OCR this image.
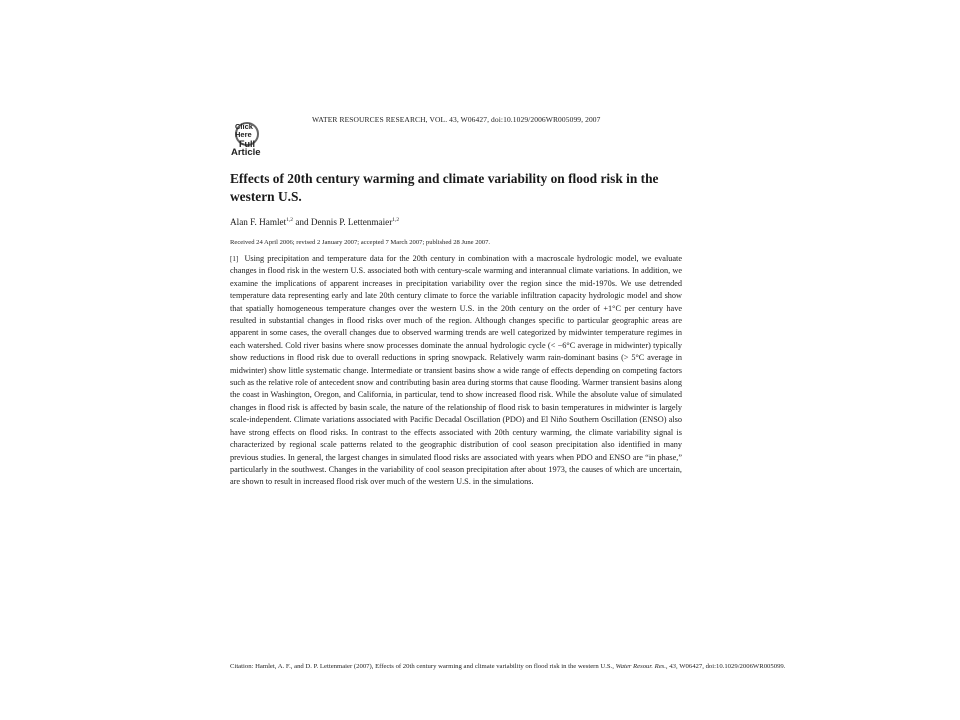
Click
Here
Full
Article
WATER RESOURCES RESEARCH, VOL. 43, W06427, doi:10.1029/2006WR005099, 2007
Effects of 20th century warming and climate variability on flood risk in the western U.S.
Alan F. Hamlet$^{1,2}$ and Dennis P. Lettenmaier$^{1,2}$
Received 24 April 2006; revised 2 January 2007; accepted 7 March 2007; published 28 June 2007.
[1] Using precipitation and temperature data for the 20th century in combination with a macroscale hydrologic model, we evaluate changes in flood risk in the western U.S. associated both with century-scale warming and interannual climate variations. In addition, we examine the implications of apparent increases in precipitation variability over the region since the mid-1970s. We use detrended temperature data representing early and late 20th century climate to force the variable infiltration capacity hydrologic model and show that spatially homogeneous temperature changes over the western U.S. in the 20th century on the order of +1°C per century have resulted in substantial changes in flood risks over much of the region. Although changes specific to particular geographic areas are apparent in some cases, the overall changes due to observed warming trends are well categorized by midwinter temperature regimes in each watershed. Cold river basins where snow processes dominate the annual hydrologic cycle (< −6°C average in midwinter) typically show reductions in flood risk due to overall reductions in spring snowpack. Relatively warm rain-dominant basins (> 5°C average in midwinter) show little systematic change. Intermediate or transient basins show a wide range of effects depending on competing factors such as the relative role of antecedent snow and contributing basin area during storms that cause flooding. Warmer transient basins along the coast in Washington, Oregon, and California, in particular, tend to show increased flood risk. While the absolute value of simulated changes in flood risk is affected by basin scale, the nature of the relationship of flood risk to basin temperatures in midwinter is largely scale-independent. Climate variations associated with Pacific Decadal Oscillation (PDO) and El Niño Southern Oscillation (ENSO) also have strong effects on flood risks. In contrast to the effects associated with 20th century warming, the climate variability signal is characterized by regional scale patterns related to the geographic distribution of cool season precipitation also identified in many previous studies. In general, the largest changes in simulated flood risks are associated with years when PDO and ENSO are “in phase,” particularly in the southwest. Changes in the variability of cool season precipitation after about 1973, the causes of which are uncertain, are shown to result in increased flood risk over much of the western U.S. in the simulations.
Citation: Hamlet, A. F., and D. P. Lettenmaier (2007), Effects of 20th century warming and climate variability on flood risk in the western U.S., Water Resour. Res., 43, W06427, doi:10.1029/2006WR005099.
